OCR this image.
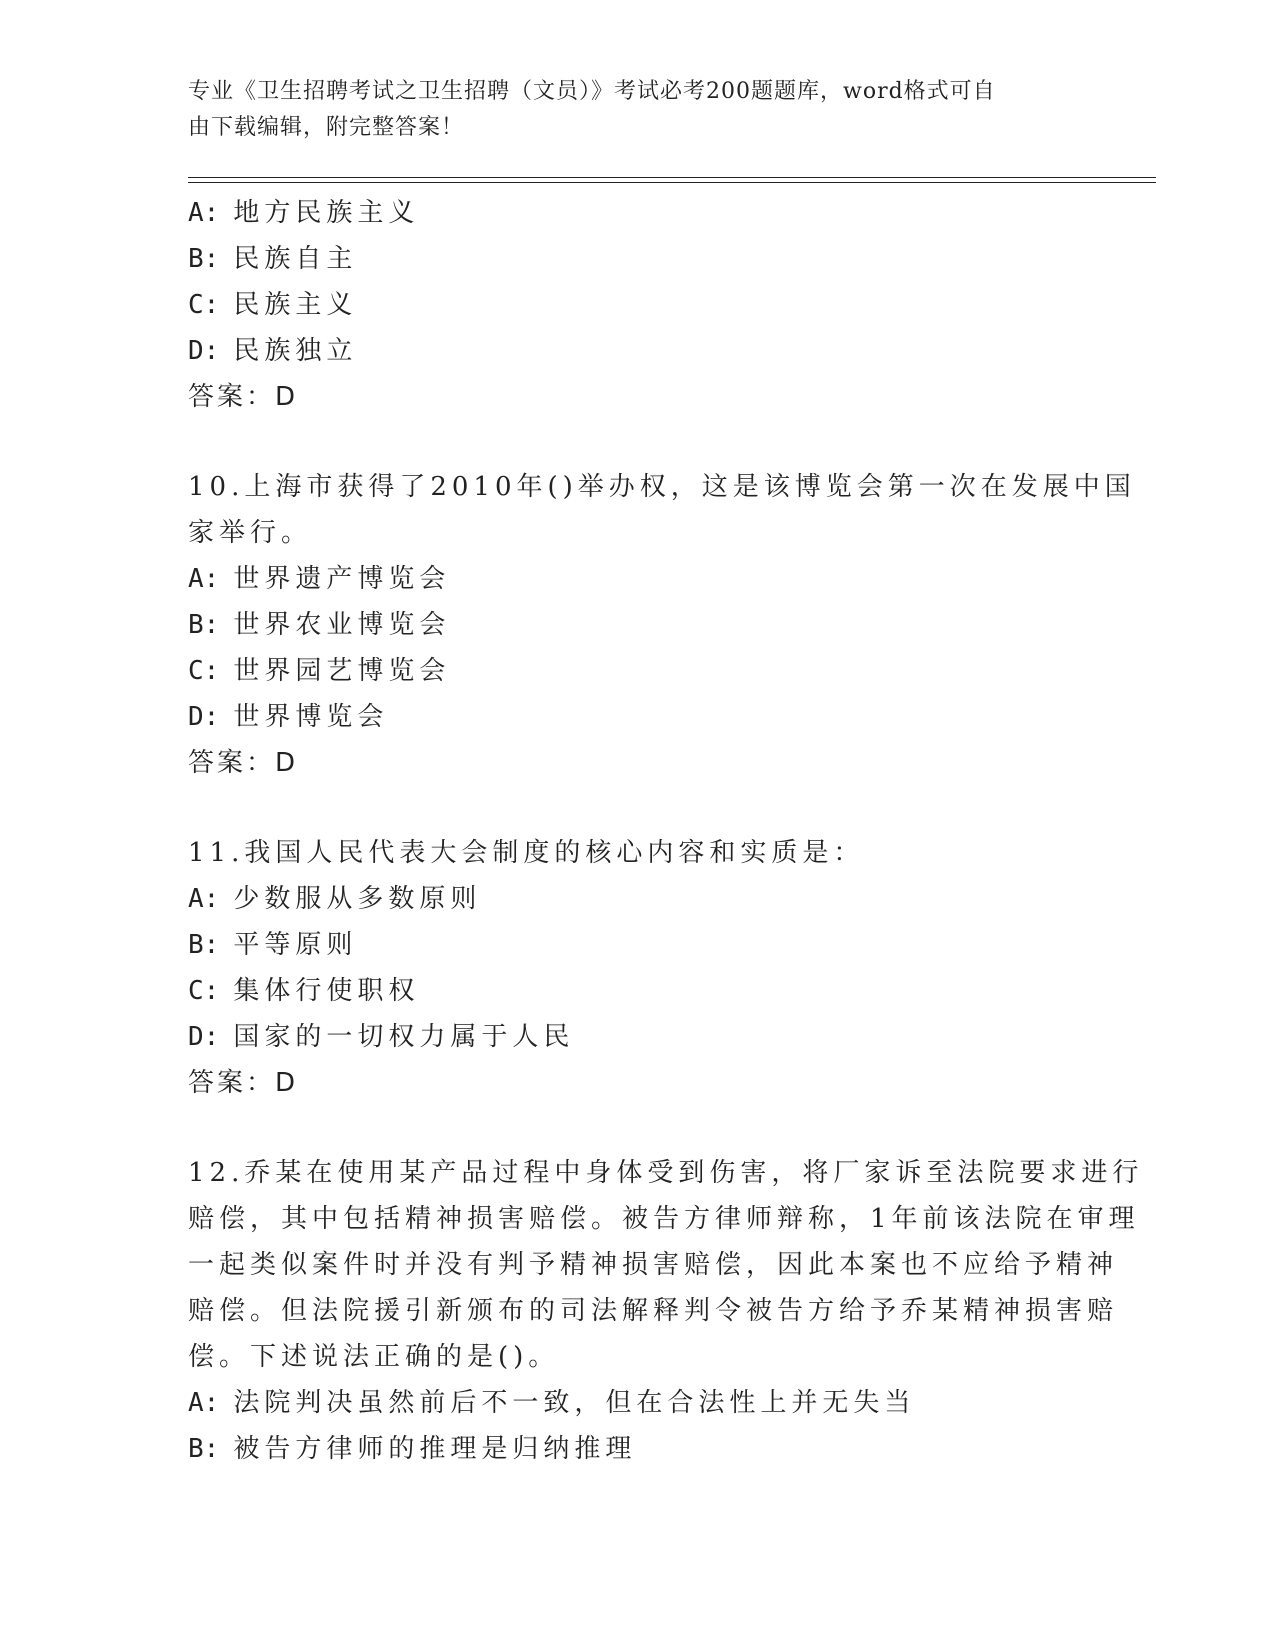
专业《卫生招聘考试之卫生招聘（文员）》考试必考200题题库，word格式可自
由下载编辑，附完整答案！
A: 地方民族主义
B: 民族自主
C: 民族主义
D: 民族独立
答案：D
10.上海市获得了2010年()举办权，这是该博览会第一次在发展中国
家举行。
A: 世界遗产博览会
B: 世界农业博览会
C: 世界园艺博览会
D: 世界博览会
答案：D
11.我国人民代表大会制度的核心内容和实质是：
A: 少数服从多数原则
B: 平等原则
C: 集体行使职权
D: 国家的一切权力属于人民
答案：D
12.乔某在使用某产品过程中身体受到伤害，将厂家诉至法院要求进行
赔偿，其中包括精神损害赔偿。被告方律师辩称，1年前该法院在审理
一起类似案件时并没有判予精神损害赔偿，因此本案也不应给予精神
赔偿。但法院援引新颁布的司法解释判令被告方给予乔某精神损害赔
偿。下述说法正确的是()。
A: 法院判决虽然前后不一致，但在合法性上并无失当
B: 被告方律师的推理是归纳推理
